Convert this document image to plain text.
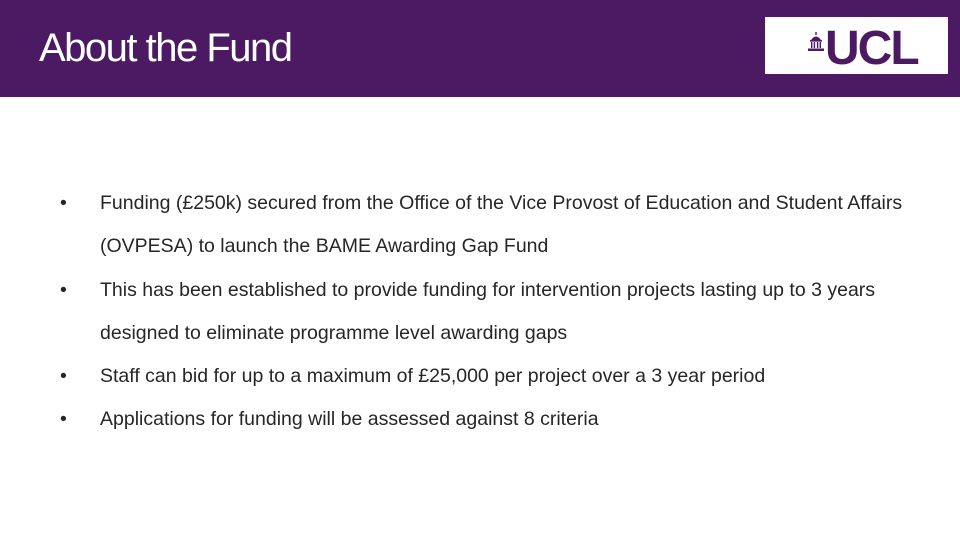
About the Fund	UCL
•	Funding (£250k) secured from the Office of the Vice Provost of Education and Student Affairs (OVPESA) to launch the BAME Awarding Gap Fund
•	This has been established to provide funding for intervention projects lasting up to 3 years designed to eliminate programme level awarding gaps
•	Staff can bid for up to a maximum of £25,000 per project over a 3 year period
•	Applications for funding will be assessed against 8 criteria
